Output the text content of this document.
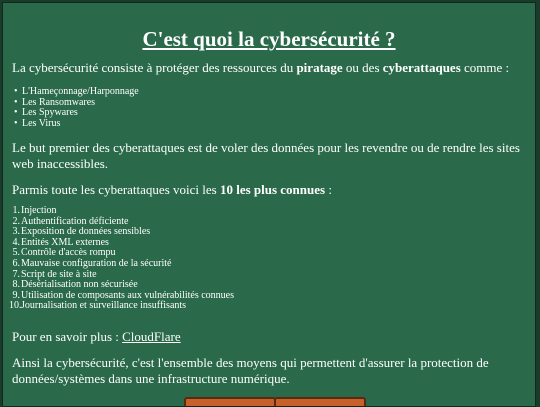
C'est quoi la cybersécurité ?

La cybersécurité consiste à protéger des ressources du piratage ou des cyberattaques comme :

• L'Hameçonnage/Harponnage
• Les Ransomwares
• Les Spywares
• Les Virus

Le but premier des cyberattaques est de voler des données pour les revendre ou de rendre les sites web inaccessibles.

Parmis toute les cyberattaques voici les 10 les plus connues :

1. Injection
2. Authentification déficiente
3. Exposition de données sensibles
4. Entités XML externes
5. Contrôle d'accès rompu
6. Mauvaise configuration de la sécurité
7. Script de site à site
8. Désérialisation non sécurisée
9. Utilisation de composants aux vulnérabilités connues
10. Journalisation et surveillance insuffisants

Pour en savoir plus : CloudFlare

Ainsi la cybersécurité, c'est l'ensemble des moyens qui permettent d'assurer la protection de données/systèmes dans une infrastructure numérique.
